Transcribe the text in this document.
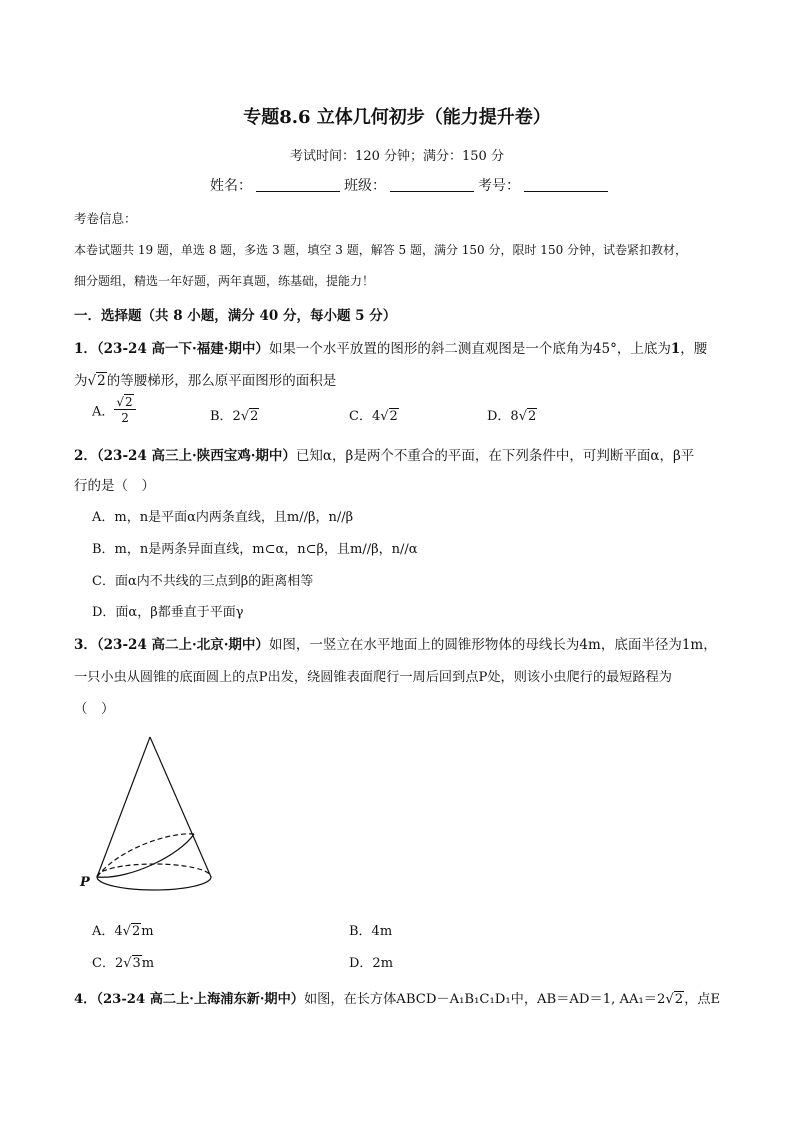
专题8.6 立体几何初步（能力提升卷）
考试时间：120 分钟；满分：150 分
姓名：	班级：	考号：
考卷信息：
本卷试题共 19 题，单选 8 题，多选 3 题，填空 3 题，解答 5 题，满分 150 分，限时 150 分钟，试卷紧扣教材，
细分题组，精选一年好题，两年真题，练基础，提能力！
一．选择题（共 8 小题，满分 40 分，每小题 5 分）
1．（23-24 高一下·福建·期中）如果一个水平放置的图形的斜二测直观图是一个底角为45°，上底为1，腰
为√2的等腰梯形，那么原平面图形的面积是
A． $\frac{√2}{2}$	B．2√2	C．4√2	D．8√2
2．（23-24 高三上·陕西宝鸡·期中）已知α，β是两个不重合的平面，在下列条件中，可判断平面α，β平
行的是（　）
A．m，n是平面α内两条直线，且m//β，n//β
B．m，n是两条异面直线，m⊂α，n⊂β，且m//β，n//α
C．面α内不共线的三点到β的距离相等
D．面α，β都垂直于平面γ
3．（23-24 高二上·北京·期中）如图，一竖立在水平地面上的圆锥形物体的母线长为4m，底面半径为1m，
一只小虫从圆锥的底面圆上的点P出发，绕圆锥表面爬行一周后回到点P处，则该小虫爬行的最短路程为
（　）
P
A．4√2m	B．4m
C．2√3m	D．2m
4．（23-24 高二上·上海浦东新·期中）如图，在长方体ABCD－A₁B₁C₁D₁中，AB＝AD＝1, AA₁＝2√2，点E
